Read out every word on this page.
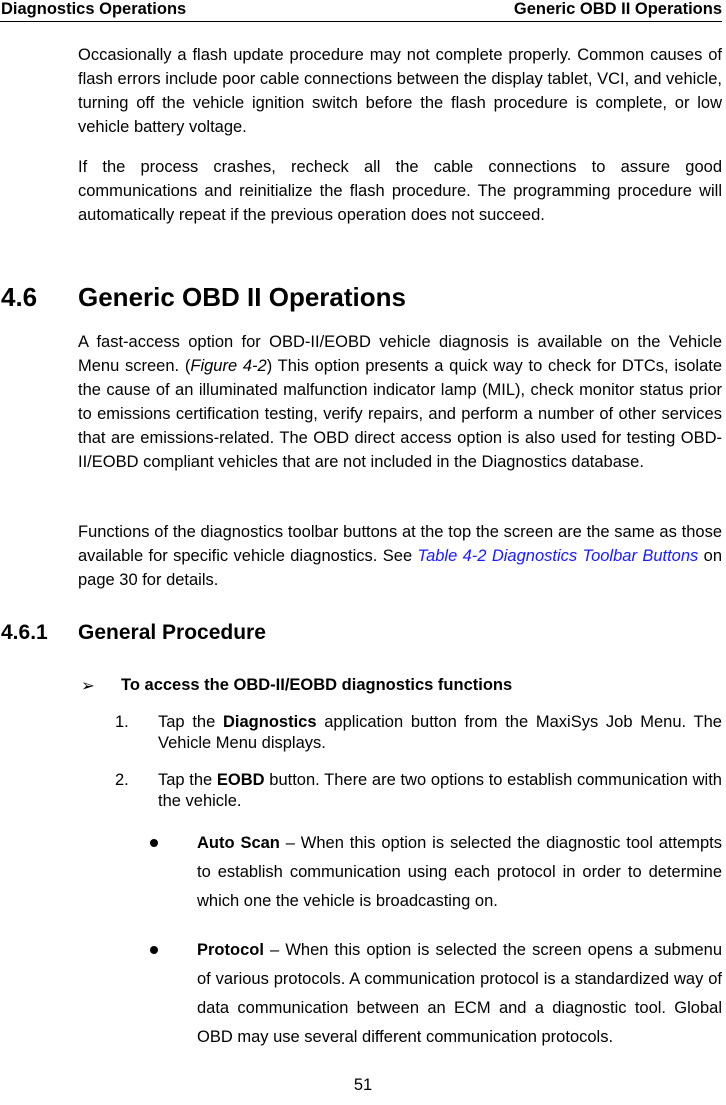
Diagnostics Operations	Generic OBD II Operations
Occasionally a flash update procedure may not complete properly. Common causes of flash errors include poor cable connections between the display tablet, VCI, and vehicle, turning off the vehicle ignition switch before the flash procedure is complete, or low vehicle battery voltage.
If the process crashes, recheck all the cable connections to assure good communications and reinitialize the flash procedure. The programming procedure will automatically repeat if the previous operation does not succeed.
4.6 Generic OBD II Operations
A fast-access option for OBD-II/EOBD vehicle diagnosis is available on the Vehicle Menu screen. (Figure 4-2) This option presents a quick way to check for DTCs, isolate the cause of an illuminated malfunction indicator lamp (MIL), check monitor status prior to emissions certification testing, verify repairs, and perform a number of other services that are emissions-related. The OBD direct access option is also used for testing OBD-II/EOBD compliant vehicles that are not included in the Diagnostics database.
Functions of the diagnostics toolbar buttons at the top the screen are the same as those available for specific vehicle diagnostics. See Table 4-2 Diagnostics Toolbar Buttons on page 30 for details.
4.6.1 General Procedure
➢ To access the OBD-II/EOBD diagnostics functions
1. Tap the Diagnostics application button from the MaxiSys Job Menu. The Vehicle Menu displays.
2. Tap the EOBD button. There are two options to establish communication with the vehicle.
Auto Scan – When this option is selected the diagnostic tool attempts to establish communication using each protocol in order to determine which one the vehicle is broadcasting on.
Protocol – When this option is selected the screen opens a submenu of various protocols. A communication protocol is a standardized way of data communication between an ECM and a diagnostic tool. Global OBD may use several different communication protocols.
51
